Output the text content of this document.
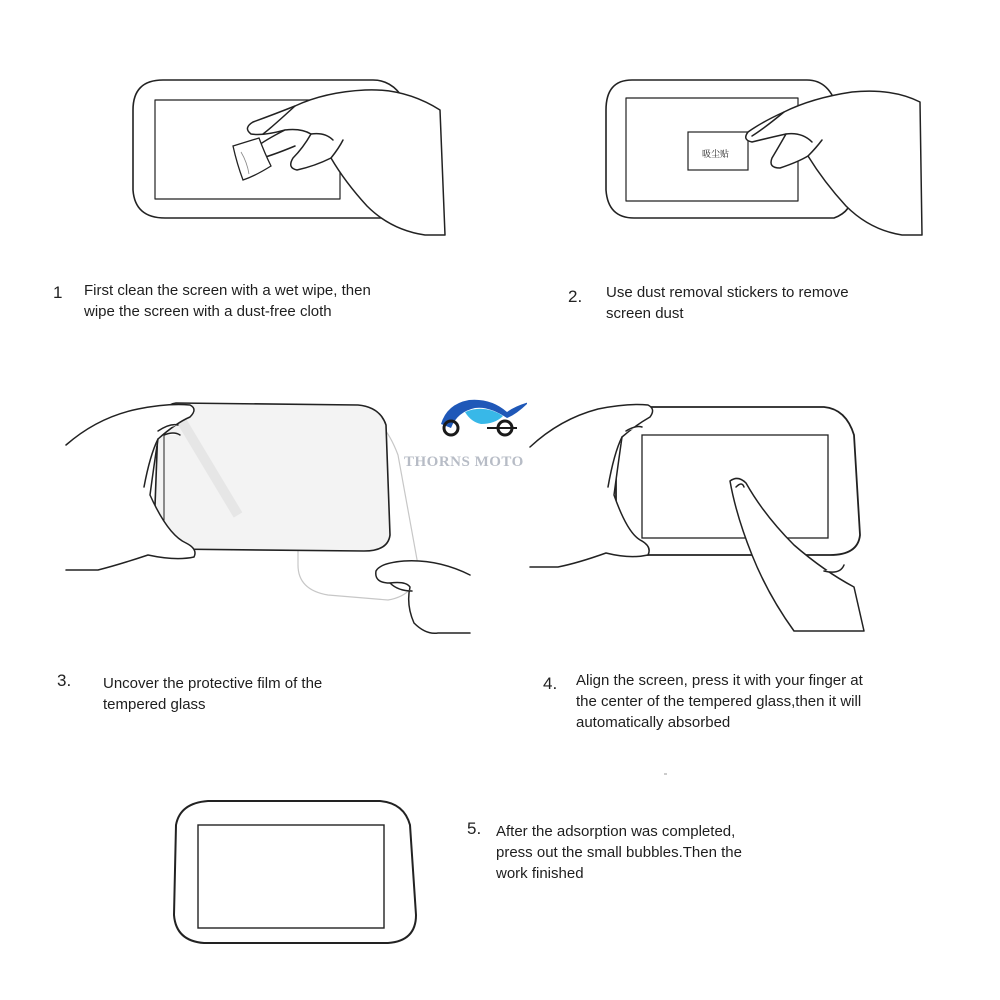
吸尘贴
THORNS MOTO
1 First clean the screen with a wet wipe, then
wipe the screen with a dust-free cloth
2. Use dust removal stickers to remove
screen dust
3. Uncover the protective film of the
tempered glass
4. Align the screen, press it with your finger at
the center of the tempered glass,then it will
automatically absorbed
5. After the adsorption was completed,
press out the small bubbles.Then the
work finished
